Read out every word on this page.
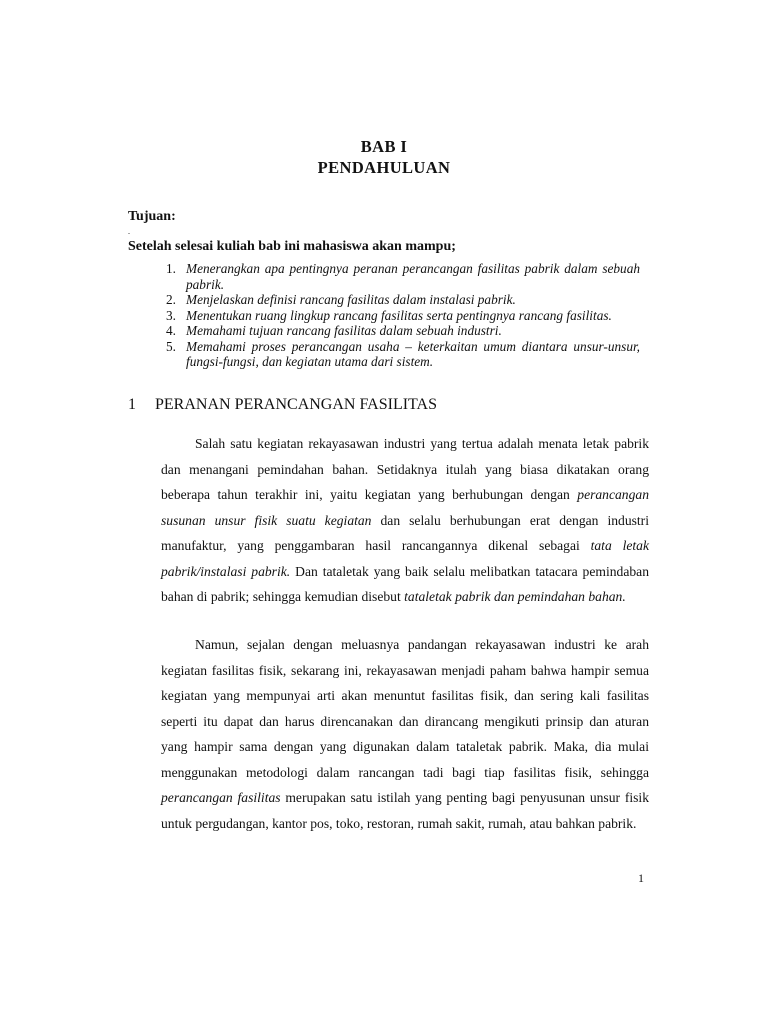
BAB I
PENDAHULUAN
Tujuan:
.
Setelah selesai kuliah bab ini mahasiswa akan mampu;
1. Menerangkan apa pentingnya peranan perancangan fasilitas pabrik dalam sebuah pabrik.
2. Menjelaskan definisi rancang fasilitas dalam instalasi pabrik.
3. Menentukan ruang lingkup rancang fasilitas serta pentingnya rancang fasilitas.
4. Memahami tujuan rancang fasilitas dalam sebuah industri.
5. Memahami proses perancangan usaha – keterkaitan umum diantara unsur-unsur, fungsi-fungsi, dan kegiatan utama dari sistem.
1 PERANAN PERANCANGAN FASILITAS

Salah satu kegiatan rekayasawan industri yang tertua adalah menata letak pabrik dan menangani pemindahan bahan. Setidaknya itulah yang biasa dikatakan orang beberapa tahun terakhir ini, yaitu kegiatan yang berhubungan dengan perancangan susunan unsur fisik suatu kegiatan dan selalu berhubungan erat dengan industri manufaktur, yang penggambaran hasil rancangannya dikenal sebagai tata letak pabrik/instalasi pabrik. Dan tataletak yang baik selalu melibatkan tatacara pemindaban bahan di pabrik; sehingga kemudian disebut tataletak pabrik dan pemindahan bahan.

Namun, sejalan dengan meluasnya pandangan rekayasawan industri ke arah kegiatan fasilitas fisik, sekarang ini, rekayasawan menjadi paham bahwa hampir semua kegiatan yang mempunyai arti akan menuntut fasilitas fisik, dan sering kali fasilitas seperti itu dapat dan harus direncanakan dan dirancang mengikuti prinsip dan aturan yang hampir sama dengan yang digunakan dalam tataletak pabrik. Maka, dia mulai menggunakan metodologi dalam rancangan tadi bagi tiap fasilitas fisik, sehingga perancangan fasilitas merupakan satu istilah yang penting bagi penyusunan unsur fisik untuk pergudangan, kantor pos, toko, restoran, rumah sakit, rumah, atau bahkan pabrik.

1
